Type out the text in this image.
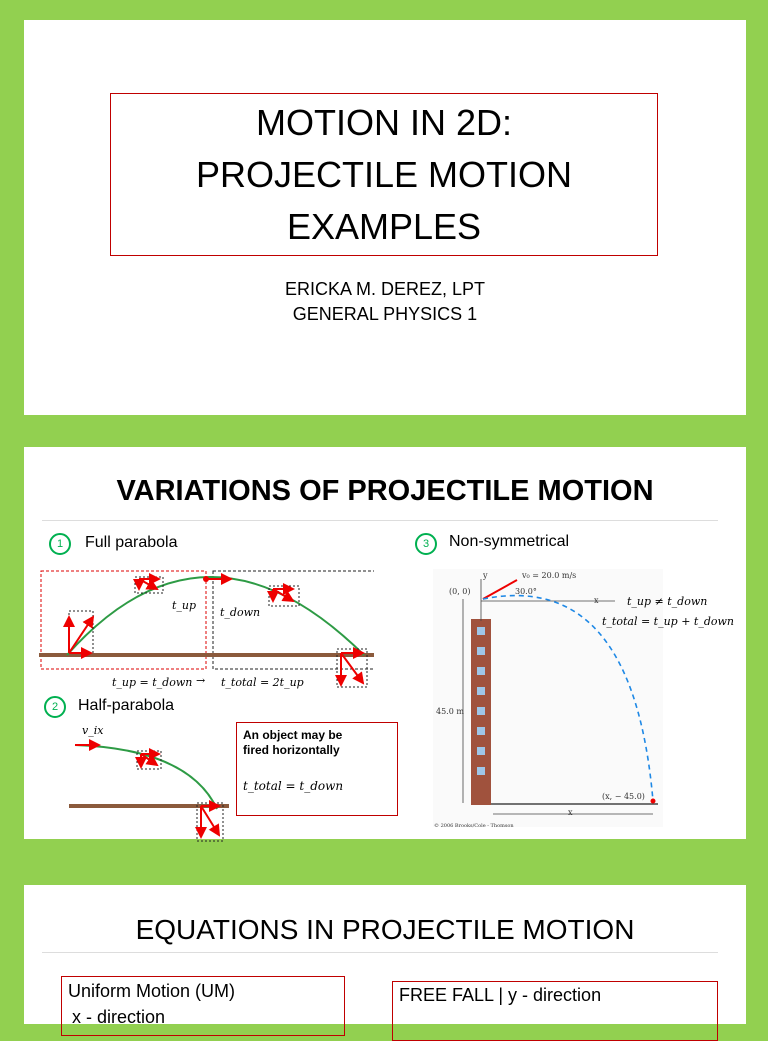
MOTION IN 2D:
PROJECTILE MOTION
EXAMPLES
ERICKA M. DEREZ, LPT
GENERAL PHYSICS 1
VARIATIONS OF PROJECTILE MOTION
1	Full parabola	3	Non-symmetrical
t_up
t_down
t_up = t_down → t_total = 2t_up
2	Half-parabola
v_ix	An object may be
fired horizontally
t_total = t_down
(0, 0)
y
x
v₀ = 20.0 m/s
30.0°
45.0 m
(x, − 45.0)
x
© 2006 Brooks/Cole - Thomson
t_up ≠ t_down
t_total = t_up + t_down
EQUATIONS IN PROJECTILE MOTION
Uniform Motion (UM)
x - direction
FREE FALL | y - direction
